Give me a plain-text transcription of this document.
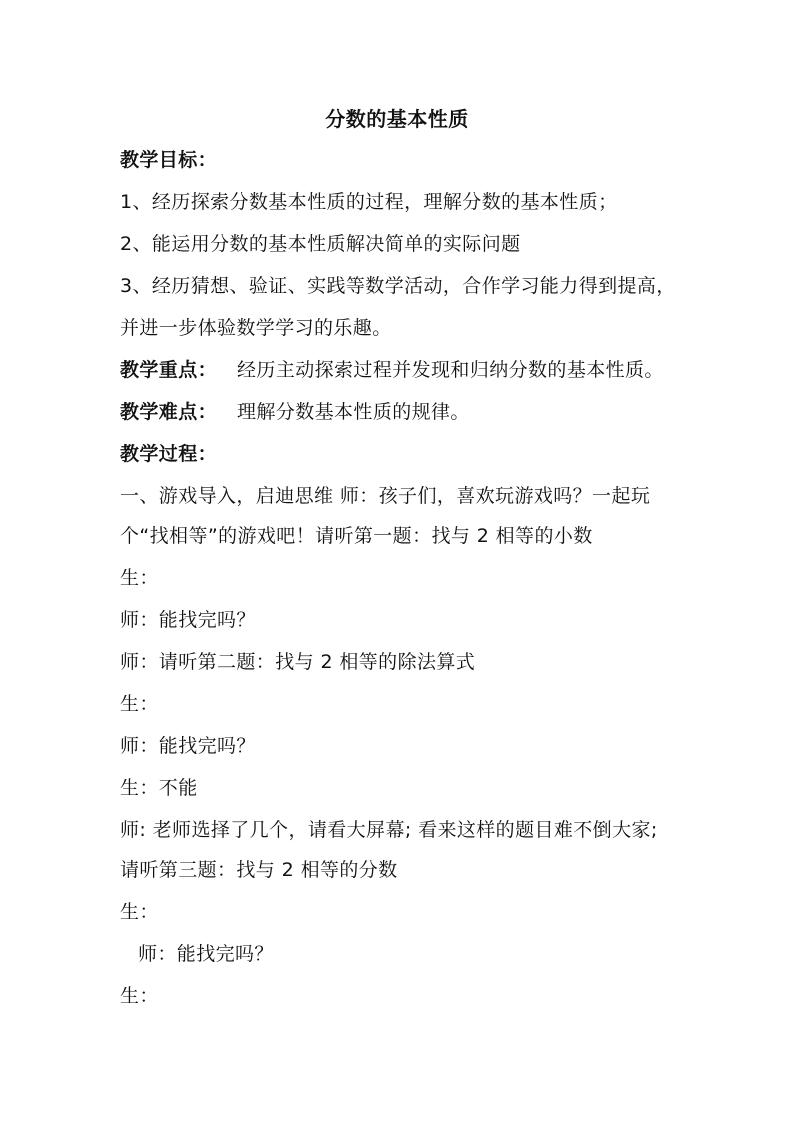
分数的基本性质
教学目标：
1、经历探索分数基本性质的过程，理解分数的基本性质；
2、能运用分数的基本性质解决简单的实际问题
3、经历猜想、验证、实践等数学活动，合作学习能力得到提高，
并进一步体验数学学习的乐趣。
教学重点： 经历主动探索过程并发现和归纳分数的基本性质。
教学难点： 理解分数基本性质的规律。
教学过程：
一、游戏导入，启迪思维 师：孩子们，喜欢玩游戏吗？一起玩
个“找相等”的游戏吧！请听第一题：找与 2 相等的小数
生：
师：能找完吗？
师：请听第二题：找与 2 相等的除法算式
生：
师：能找完吗？
生：不能
师: 老师选择了几个，请看大屏幕; 看来这样的题目难不倒大家;
请听第三题：找与 2 相等的分数
生：
师：能找完吗？
生：
